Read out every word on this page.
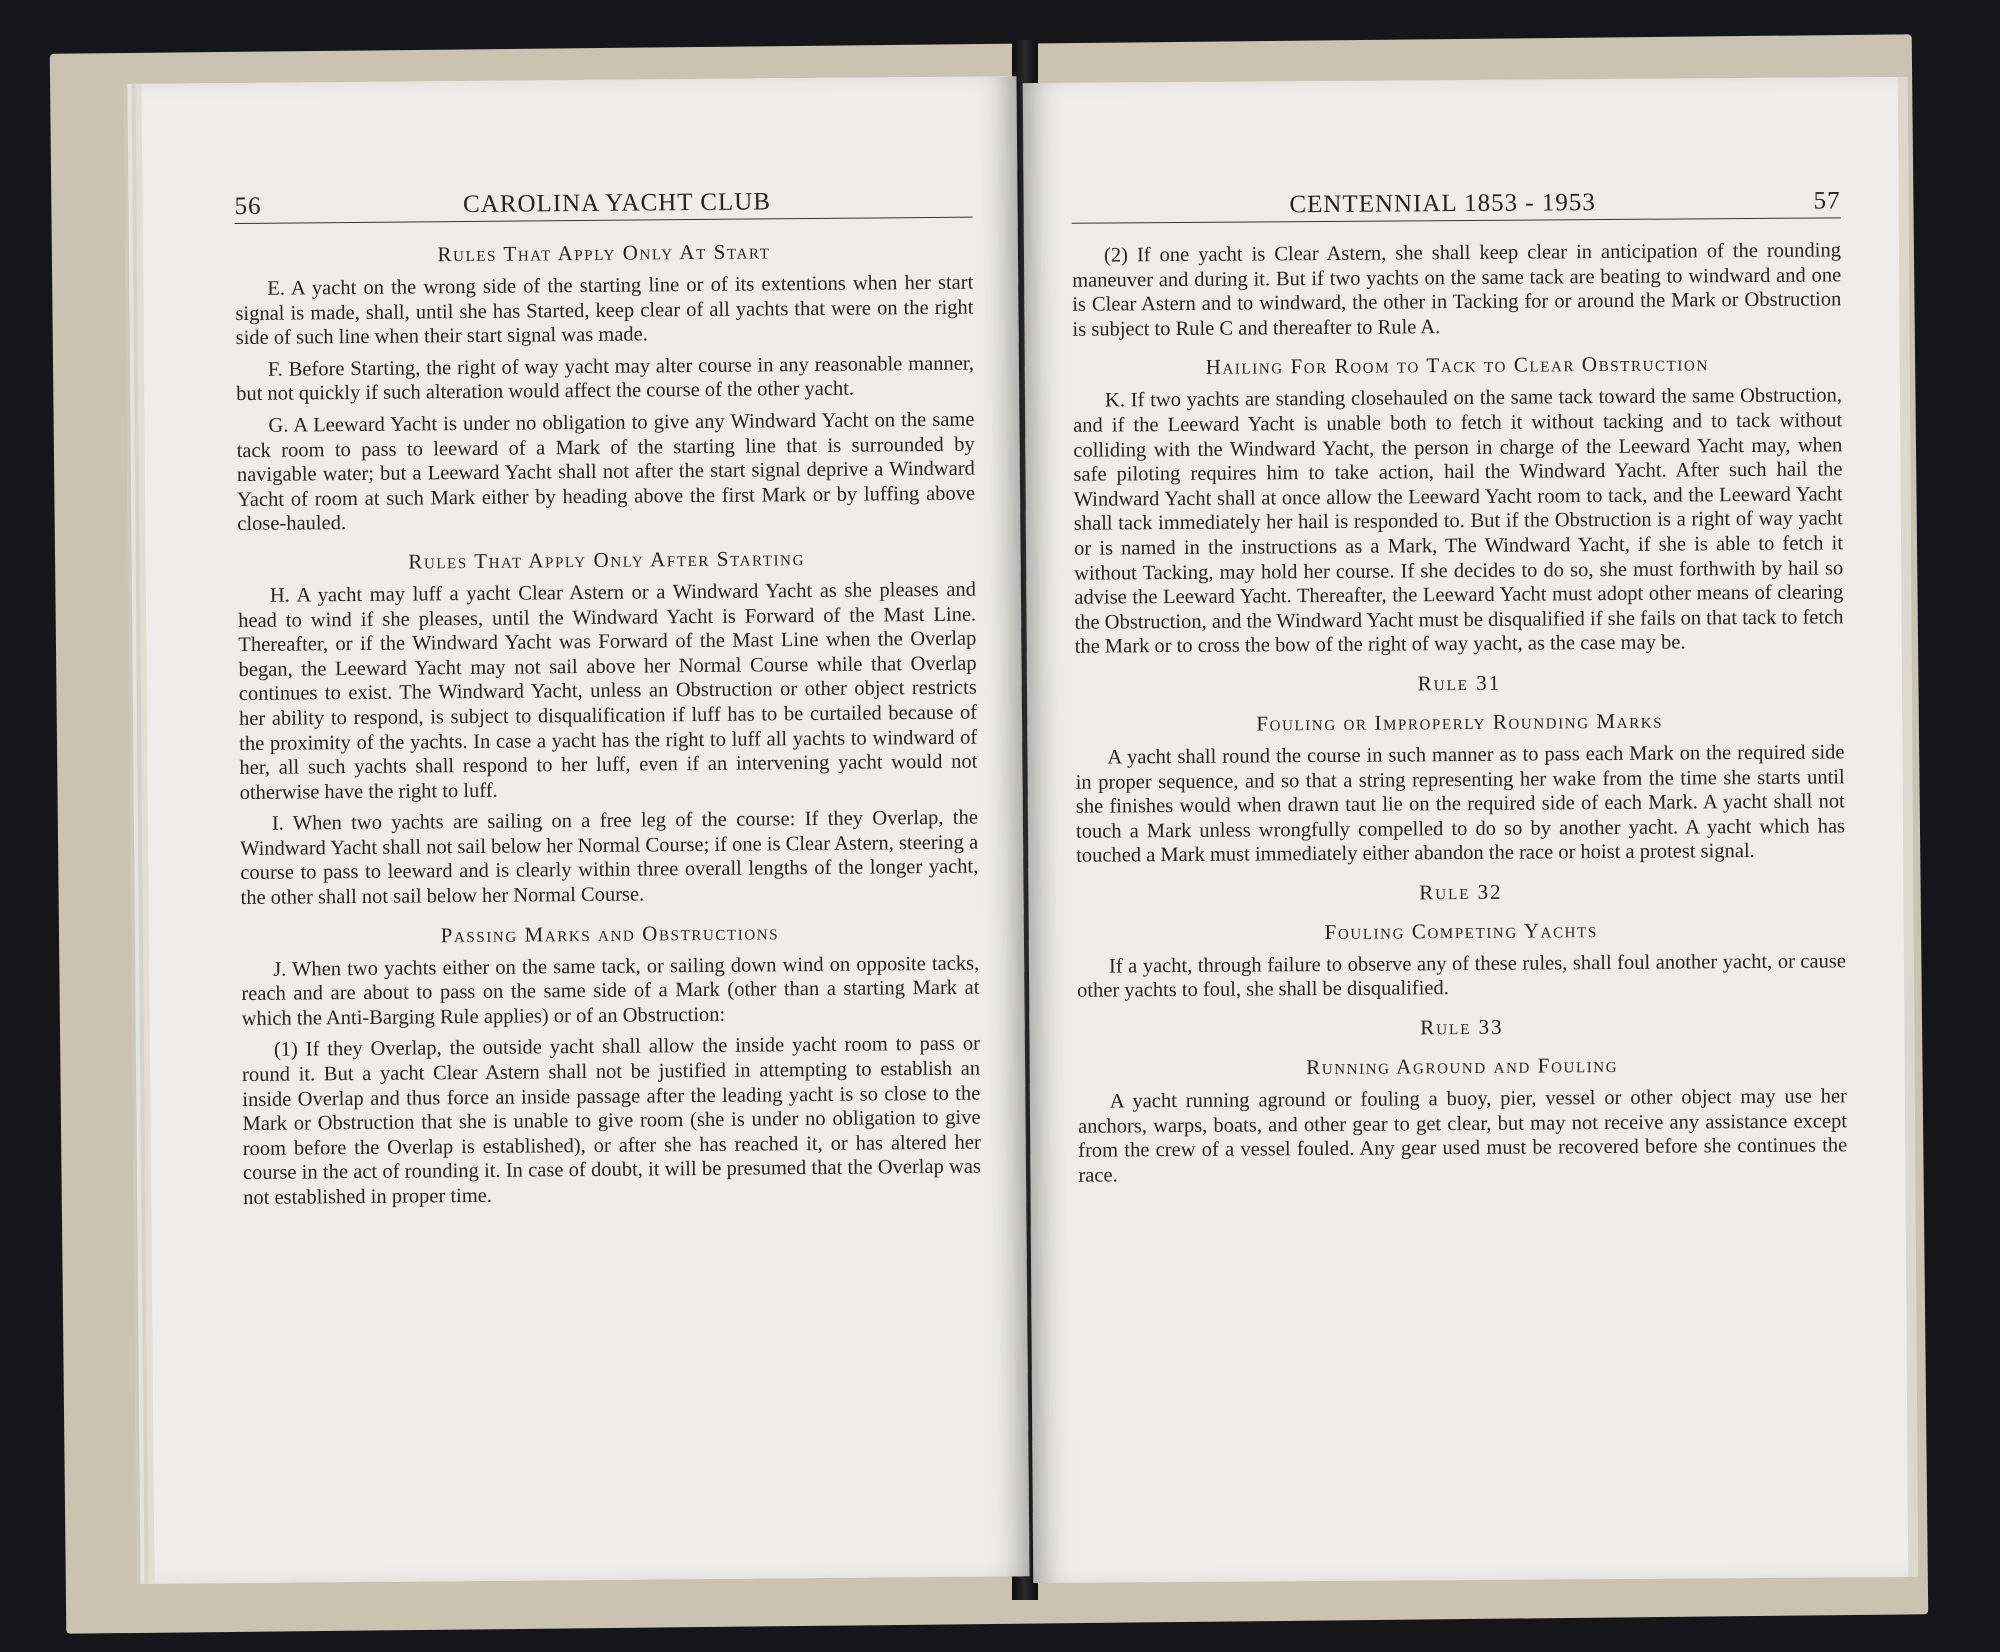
56	CAROLINA YACHT CLUB
Rules That Apply Only At Start

E. A yacht on the wrong side of the starting line or of its extentions when her start signal is made, shall, until she has Started, keep clear of all yachts that were on the right side of such line when their start signal was made.

F. Before Starting, the right of way yacht may alter course in any reasonable manner, but not quickly if such alteration would affect the course of the other yacht.

G. A Leeward Yacht is under no obligation to give any Windward Yacht on the same tack room to pass to leeward of a Mark of the starting line that is surrounded by navigable water; but a Leeward Yacht shall not after the start signal deprive a Windward Yacht of room at such Mark either by heading above the first Mark or by luffing above close-hauled.

Rules That Apply Only After Starting

H. A yacht may luff a yacht Clear Astern or a Windward Yacht as she pleases and head to wind if she pleases, until the Windward Yacht is Forward of the Mast Line. Thereafter, or if the Windward Yacht was Forward of the Mast Line when the Overlap began, the Leeward Yacht may not sail above her Normal Course while that Overlap continues to exist. The Windward Yacht, unless an Obstruction or other object restricts her ability to respond, is subject to disqualification if luff has to be curtailed because of the proximity of the yachts. In case a yacht has the right to luff all yachts to windward of her, all such yachts shall respond to her luff, even if an intervening yacht would not otherwise have the right to luff.

I. When two yachts are sailing on a free leg of the course: If they Overlap, the Windward Yacht shall not sail below her Normal Course; if one is Clear Astern, steering a course to pass to leeward and is clearly within three overall lengths of the longer yacht, the other shall not sail below her Normal Course.

Passing Marks and Obstructions

J. When two yachts either on the same tack, or sailing down wind on opposite tacks, reach and are about to pass on the same side of a Mark (other than a starting Mark at which the Anti-Barging Rule applies) or of an Obstruction:

(1) If they Overlap, the outside yacht shall allow the inside yacht room to pass or round it. But a yacht Clear Astern shall not be justified in attempting to establish an inside Overlap and thus force an inside passage after the leading yacht is so close to the Mark or Obstruction that she is unable to give room (she is under no obligation to give room before the Overlap is established), or after she has reached it, or has altered her course in the act of rounding it. In case of doubt, it will be presumed that the Overlap was not established in proper time.

CENTENNIAL 1853 - 1953	57

(2) If one yacht is Clear Astern, she shall keep clear in anticipation of the rounding maneuver and during it. But if two yachts on the same tack are beating to windward and one is Clear Astern and to windward, the other in Tacking for or around the Mark or Obstruction is subject to Rule C and thereafter to Rule A.

Hailing For Room to Tack to Clear Obstruction

K. If two yachts are standing closehauled on the same tack toward the same Obstruction, and if the Leeward Yacht is unable both to fetch it without tacking and to tack without colliding with the Windward Yacht, the person in charge of the Leeward Yacht may, when safe piloting requires him to take action, hail the Windward Yacht. After such hail the Windward Yacht shall at once allow the Leeward Yacht room to tack, and the Leeward Yacht shall tack immediately her hail is responded to. But if the Obstruction is a right of way yacht or is named in the instructions as a Mark, The Windward Yacht, if she is able to fetch it without Tacking, may hold her course. If she decides to do so, she must forthwith by hail so advise the Leeward Yacht. Thereafter, the Leeward Yacht must adopt other means of clearing the Obstruction, and the Windward Yacht must be disqualified if she fails on that tack to fetch the Mark or to cross the bow of the right of way yacht, as the case may be.

Rule 31
Fouling or Improperly Rounding Marks

A yacht shall round the course in such manner as to pass each Mark on the required side in proper sequence, and so that a string representing her wake from the time she starts until she finishes would when drawn taut lie on the required side of each Mark. A yacht shall not touch a Mark unless wrongfully compelled to do so by another yacht. A yacht which has touched a Mark must immediately either abandon the race or hoist a protest signal.

Rule 32
Fouling Competing Yachts

If a yacht, through failure to observe any of these rules, shall foul another yacht, or cause other yachts to foul, she shall be disqualified.

Rule 33
Running Aground and Fouling

A yacht running aground or fouling a buoy, pier, vessel or other object may use her anchors, warps, boats, and other gear to get clear, but may not receive any assistance except from the crew of a vessel fouled. Any gear used must be recovered before she continues the race.
